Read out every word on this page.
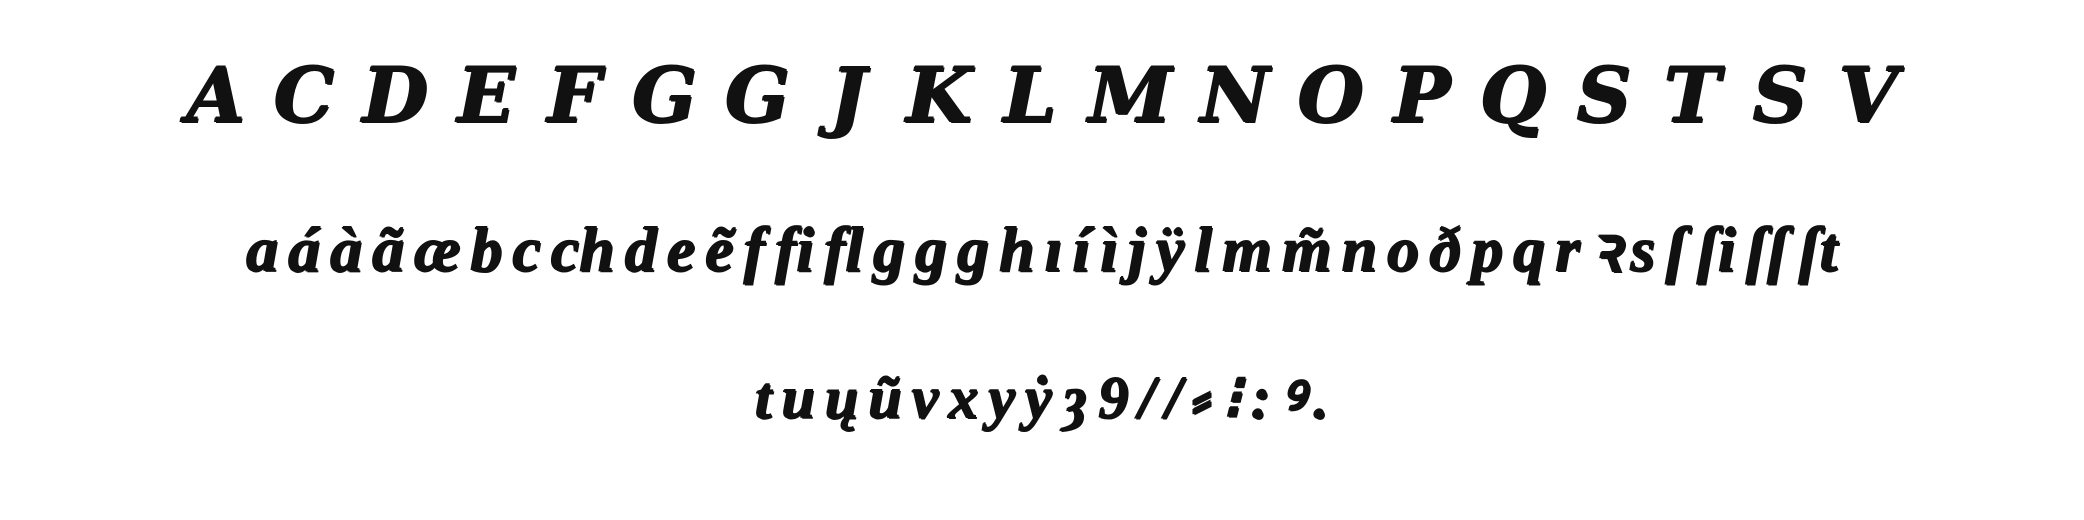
A C D E F G G J K L M N O P Q S T S V
a á à ã æ b c ch d e ẽ f fi fl g g g h ı í ì j ÿ l m m̃ n o ð p q r ꝛ s ſ ſi ſſ ſt
t u ų ũ v x y ẏ ȝ 9 / / ⸗ ⁝ : ꝰ .
